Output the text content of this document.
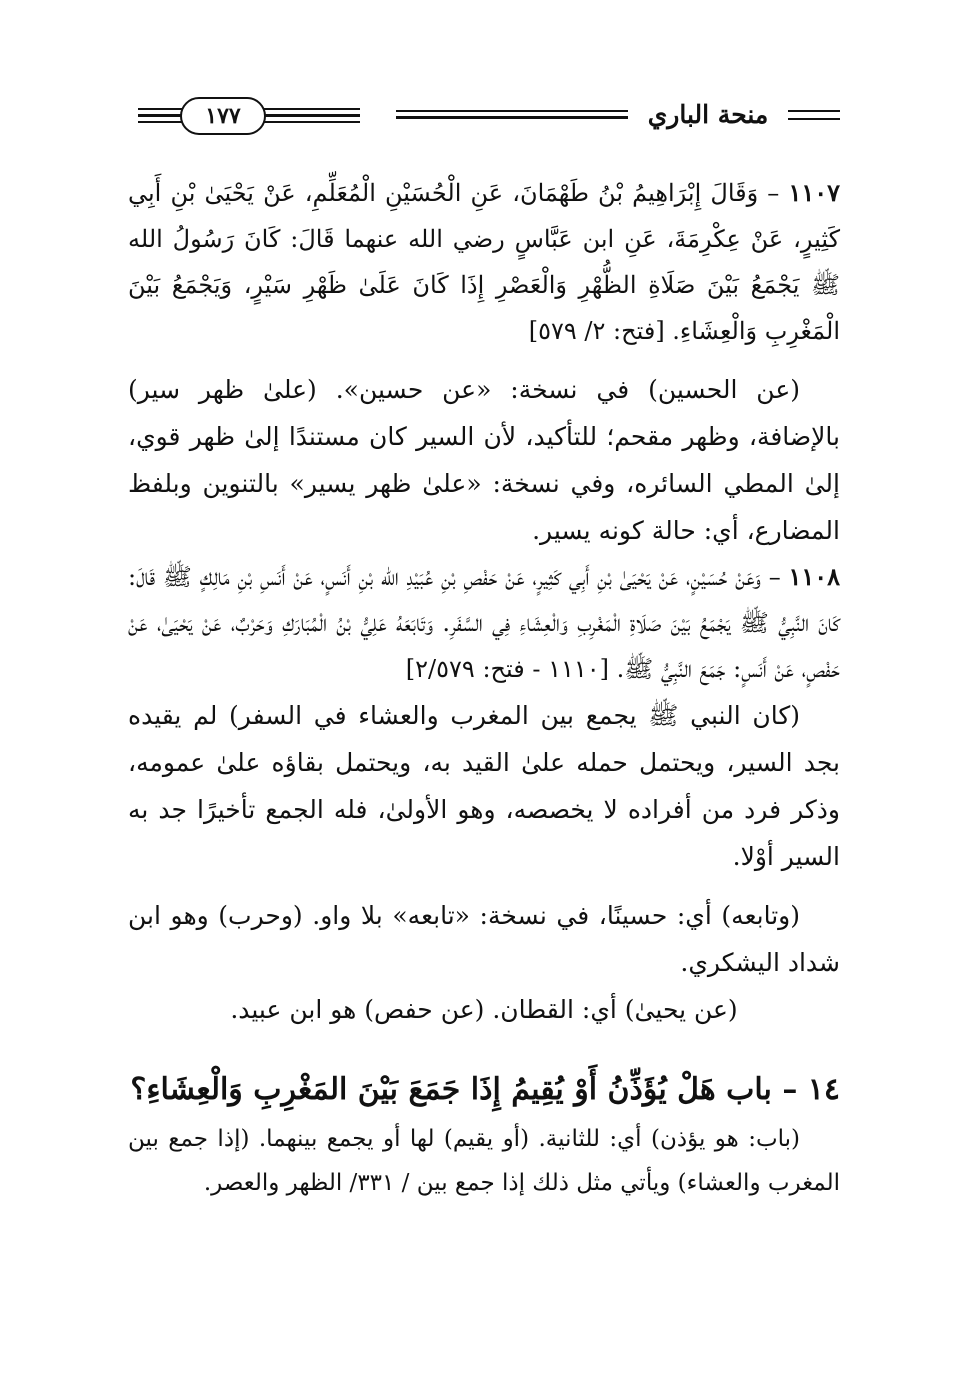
١٧٧	منحة الباري

١١٠٧ – وَقَالَ إِبْرَاهِيمُ بْنُ طَهْمَانَ، عَنِ الْحُسَيْنِ الْمُعَلِّمِ، عَنْ يَحْيَىٰ بْنِ أَبِي كَثِيرٍ، عَنْ عِكْرِمَةَ، عَنِ ابن عَبَّاسٍ رضي الله عنهما قَالَ: كَانَ رَسُولُ الله ﷺ يَجْمَعُ بَيْنَ صَلَاةِ الظُّهْرِ وَالْعَصْرِ إِذَا كَانَ عَلَىٰ ظَهْرِ سَيْرٍ، وَيَجْمَعُ بَيْنَ الْمَغْرِبِ وَالْعِشَاءِ. [فتح: ٢/ ٥٧٩]

(عن الحسين) في نسخة: «عن حسين». (علىٰ ظهر سير) بالإضافة، وظهر مقحم؛ للتأكيد، لأن السير كان مستندًا إلىٰ ظهر قوي، إلىٰ المطي السائره، وفي نسخة: «علىٰ ظهر يسير» بالتنوين وبلفظ المضارع، أي: حالة كونه يسير.

١١٠٨ – وَعَنْ حُسَيْنٍ، عَنْ يَحْيَىٰ بْنِ أَبِي كَثِيرٍ، عَنْ حَفْصِ بْنِ عُبَيْدِ الله بْنِ أَنَسٍ، عَنْ أَنَسِ بْنِ مَالِكٍ ﷺ قَالَ: كَانَ النَّبِيُّ ﷺ يَجْمَعُ بَيْنَ صَلَاةِ الْمَغْرِبِ وَالْعِشَاءِ فِي السَّفَرِ. وَتَابَعَهُ عَلِيُّ بْنُ الْمُبَارَكِ وَحَرْبٌ، عَنْ يَحْيَىٰ، عَنْ حَفْصٍ، عَنْ أَنَسٍ: جَمَعَ النَّبِيُّ ﷺ. [١١١٠ - فتح: ٢/٥٧٩]

(كان النبي ﷺ يجمع بين المغرب والعشاء في السفر) لم يقيده بجد السير، ويحتمل حمله علىٰ القيد به، ويحتمل بقاؤه علىٰ عمومه، وذكر فرد من أفراده لا يخصصه، وهو الأولىٰ، فله الجمع تأخيرًا جد به السير أوْلا.

(وتابعه) أي: حسينًا، في نسخة: «تابعه» بلا واو. (وحرب) وهو ابن شداد اليشكري.

(عن يحيىٰ) أي: القطان. (عن حفص) هو ابن عبيد.

١٤ – باب هَلْ يُؤَذِّنُ أَوْ يُقِيمُ إِذَا جَمَعَ بَيْنَ المَغْرِبِ وَالْعِشَاءِ؟

(باب: هو يؤذن) أي: للثانية. (أو يقيم) لها أو يجمع بينهما. (إذا جمع بين المغرب والعشاء) ويأتي مثل ذلك إذا جمع بين / ٣٣١/ الظهر والعصر.
